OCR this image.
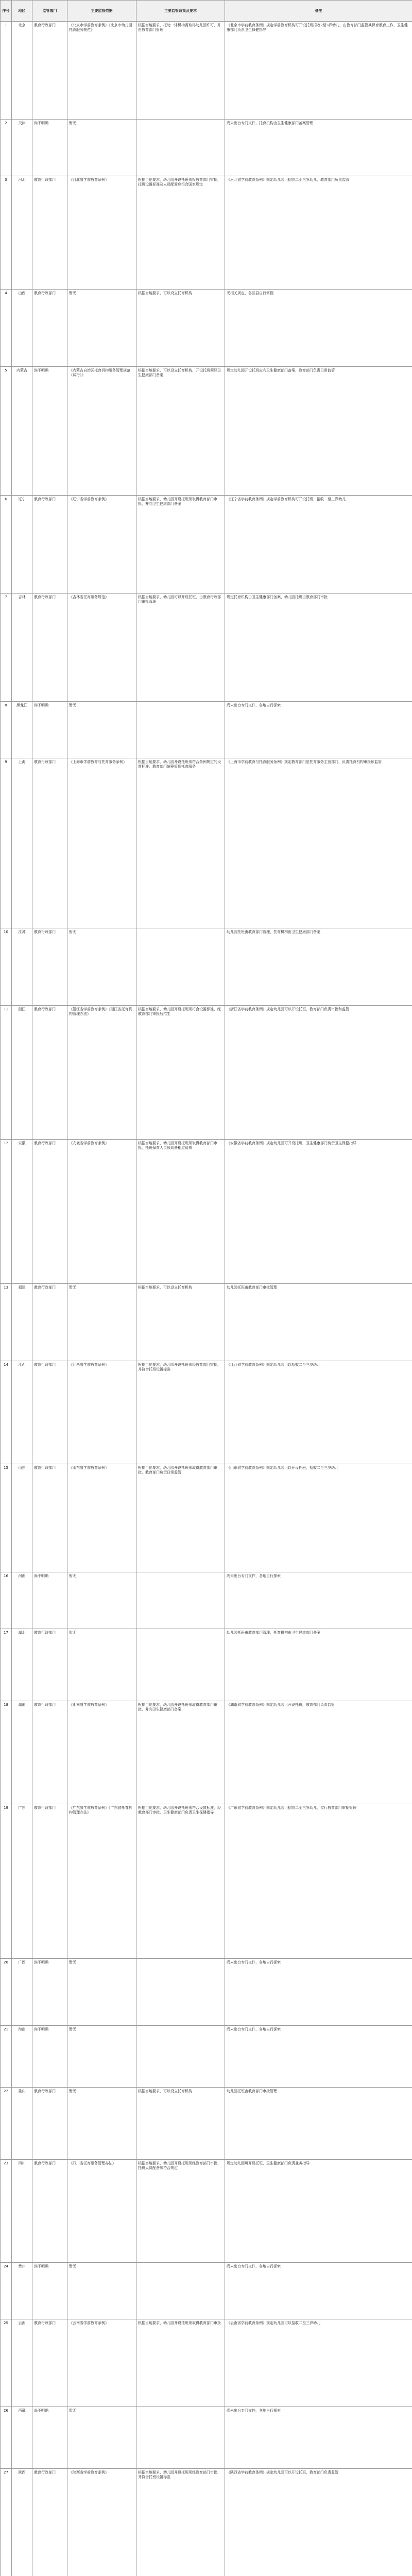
序号	地区	监管部门	主要监管依据	主要监管政策及要求	备注
1	北京	教育行政部门	《北京市学前教育条例》《北京市幼儿园托育服务规范》	根据当地要求，托幼一体机构需取得幼儿园许可，并由教育部门管理	《北京市学前教育条例》规定学前教育机构可开设托班招收2至3岁幼儿，由教育部门监管其保育教育工作，卫生健康部门负责卫生保健指导
2	天津	尚不明确	暂无		尚未出台专门文件，托育机构由卫生健康部门备案管理
3	河北	教育行政部门	《河北省学前教育条例》	根据当地要求，幼儿园开设托班须报教育部门审批，托班设置标准及人员配置应符合国家规定	《河北省学前教育条例》规定幼儿园可招收二至三岁幼儿，教育部门负责监管
4	山西	教育行政部门	暂无	根据当地要求，可以设立托育机构	无相关规定，各区县自行掌握
5	内蒙古	尚不明确	《内蒙古自治区托育机构服务管理规范（试行）》	根据当地要求，可以设立托育机构，开设托班须经卫生健康部门备案	规定幼儿园开设托班应向卫生健康部门备案，教育部门负责日常监管
6	辽宁	教育行政部门	《辽宁省学前教育条例》	根据当地要求，幼儿园开设托班须取得教育部门审批，并向卫生健康部门备案	《辽宁省学前教育条例》规定学前教育机构可开设托班，招收二至三岁幼儿
7	吉林	教育行政部门	《吉林省托育服务规范》	根据当地要求，幼儿园可以开设托班，由教育行政部门审批管理	规定托育机构由卫生健康部门备案，幼儿园托班由教育部门审批
8	黑龙江	尚不明确	暂无		尚未出台专门文件，各地自行探索
9	上海	教育行政部门	《上海市学前教育与托育服务条例》	根据当地要求，幼儿园开设托班须符合条例规定的设置标准，教育部门统筹管理托育服务	《上海市学前教育与托育服务条例》规定教育部门是托育服务主管部门，负责托育机构审批和监管
10	江苏	教育行政部门	暂无		幼儿园托班由教育部门管理，托育机构由卫生健康部门备案
11	浙江	教育行政部门	《浙江省学前教育条例》《浙江省托育机构管理办法》	根据当地要求，幼儿园开设托班须符合设置标准，经教育部门审批后招生	《浙江省学前教育条例》规定幼儿园可以开设托班，教育部门负责审批和监管
12	安徽	教育行政部门	《安徽省学前教育条例》	根据当地要求，幼儿园开设托班须取得教育部门审批，托班保育人员须具备相应资质	《安徽省学前教育条例》规定幼儿园可开设托班，卫生健康部门负责卫生保健指导
13	福建	教育行政部门	暂无	根据当地要求，可以设立托育机构	幼儿园托班由教育部门审批管理
14	江西	教育行政部门	《江西省学前教育条例》	根据当地要求，幼儿园开设托班须经教育部门审批，并符合托班设置标准	《江西省学前教育条例》规定幼儿园可以招收二至三岁幼儿
15	山东	教育行政部门	《山东省学前教育条例》	根据当地要求，幼儿园开设托班须取得教育部门审批，教育部门负责日常监管	《山东省学前教育条例》规定幼儿园可以开设托班，招收二至三岁幼儿
16	河南	尚不明确	暂无		尚未出台专门文件，各地自行探索
17	湖北	教育行政部门	暂无		幼儿园托班由教育部门管理，托育机构由卫生健康部门备案
18	湖南	教育行政部门	《湖南省学前教育条例》	根据当地要求，幼儿园开设托班须取得教育部门审批，并向卫生健康部门备案	《湖南省学前教育条例》规定幼儿园可开设托班，教育部门负责监管
19	广东	教育行政部门	《广东省学前教育条例》《广东省托育机构管理办法》	根据当地要求，幼儿园开设托班须符合设置标准，经教育部门审批，卫生健康部门负责卫生保健指导	《广东省学前教育条例》规定幼儿园可招收二至三岁幼儿，实行教育部门审批管理
20	广西	尚不明确	暂无		尚未出台专门文件，各地自行探索
21	海南	尚不明确	暂无		尚未出台专门文件，各地自行探索
22	重庆	教育行政部门	暂无	根据当地要求，可以设立托育机构	幼儿园托班由教育部门审批管理
23	四川	教育行政部门	《四川省托育服务管理办法》	根据当地要求，幼儿园开设托班须经教育部门审批，托班人员配备须符合规定	规定幼儿园可开设托班，卫生健康部门负责业务指导
24	贵州	尚不明确	暂无		尚未出台专门文件，各地自行探索
25	云南	教育行政部门	《云南省学前教育条例》	根据当地要求，幼儿园开设托班须取得教育部门审批	《云南省学前教育条例》规定幼儿园可以招收二至三岁幼儿
26	西藏	尚不明确	暂无		尚未出台专门文件，各地自行探索
27	陕西	教育行政部门	《陕西省学前教育条例》	根据当地要求，幼儿园开设托班须经教育部门审批，并符合托班设置标准	《陕西省学前教育条例》规定幼儿园可以开设托班，教育部门负责监管
